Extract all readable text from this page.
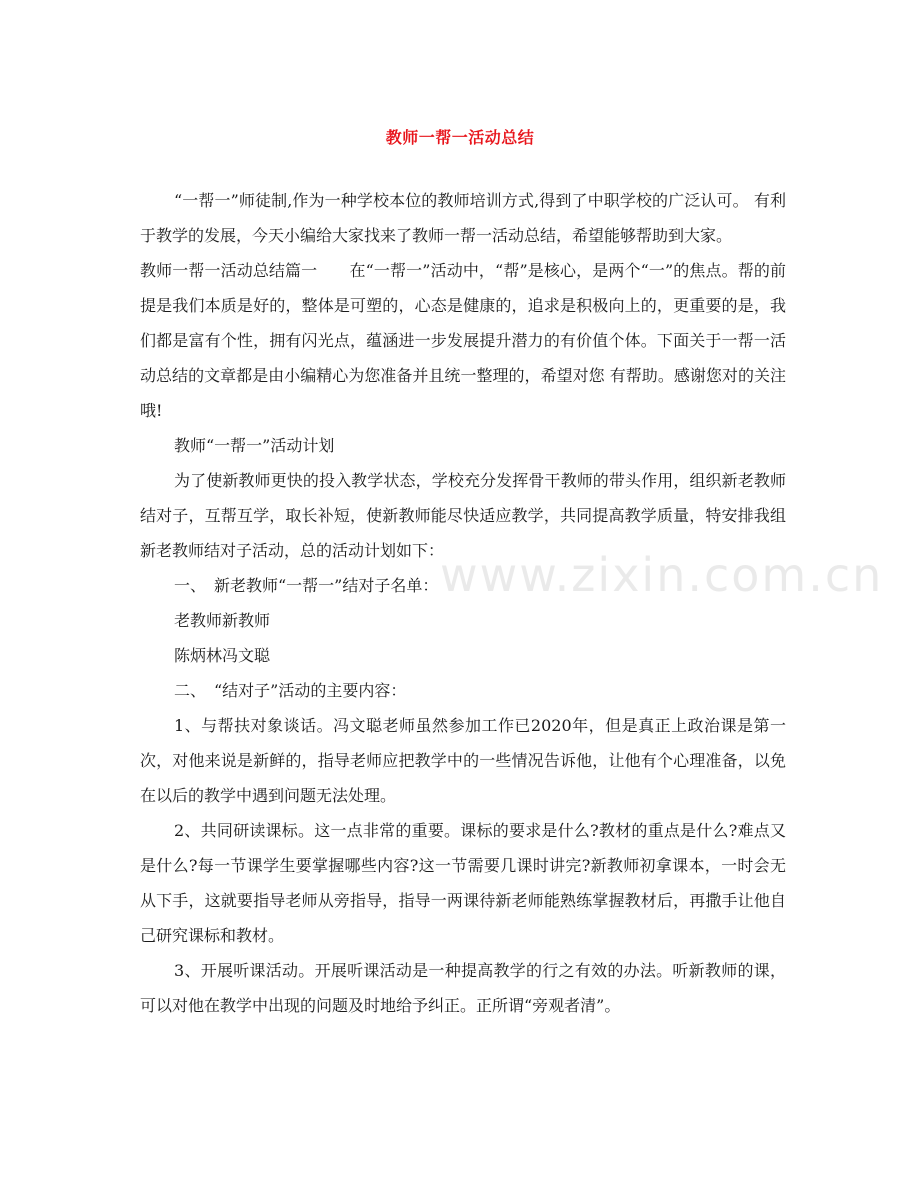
教师一帮一活动总结

“一帮一”师徒制,作为一种学校本位的教师培训方式,得到了中职学校的广泛认可。 有利于教学的发展，今天小编给大家找来了教师一帮一活动总结，希望能够帮助到大家。

教师一帮一活动总结篇一　　在“一帮一”活动中，“帮”是核心，是两个“一”的焦点。帮的前提是我们本质是好的，整体是可塑的，心态是健康的，追求是积极向上的，更重要的是，我们都是富有个性，拥有闪光点，蕴涵进一步发展提升潜力的有价值个体。下面关于一帮一活动总结的文章都是由小编精心为您准备并且统一整理的，希望对您 有帮助。感谢您对的关注哦!

教师“一帮一”活动计划

为了使新教师更快的投入教学状态，学校充分发挥骨干教师的带头作用，组织新老教师结对子，互帮互学，取长补短，使新教师能尽快适应教学，共同提高教学质量，特安排我组新老教师结对子活动，总的活动计划如下：

一、　新老教师“一帮一”结对子名单：

老教师新教师

陈炳林冯文聪

二、　“结对子”活动的主要内容：

1、与帮扶对象谈话。冯文聪老师虽然参加工作已2020年，但是真正上政治课是第一次，对他来说是新鲜的，指导老师应把教学中的一些情况告诉他，让他有个心理准备，以免在以后的教学中遇到问题无法处理。

2、共同研读课标。这一点非常的重要。课标的要求是什么?教材的重点是什么?难点又是什么?每一节课学生要掌握哪些内容?这一节需要几课时讲完?新教师初拿课本，一时会无从下手，这就要指导老师从旁指导，指导一两课待新老师能熟练掌握教材后，再撒手让他自己研究课标和教材。

3、开展听课活动。开展听课活动是一种提高教学的行之有效的办法。听新教师的课，可以对他在教学中出现的问题及时地给予纠正。正所谓“旁观者清”。

www.zixin.com.cn
